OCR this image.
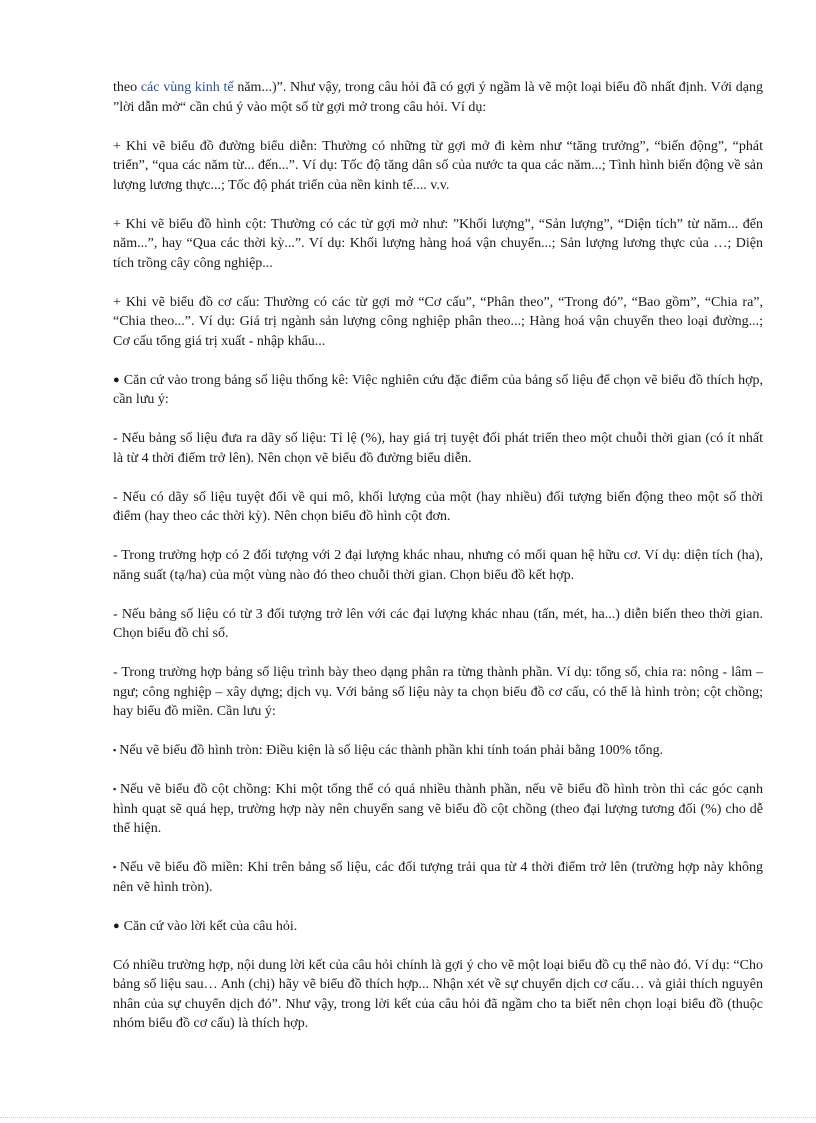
theo các vùng kinh tế năm...)”. Như vậy, trong câu hỏi đã có gợi ý ngầm là vẽ một loại biểu đồ nhất định. Với dạng ”lời dẫn mở“ cần chú ý vào một số từ gợi mở trong câu hỏi. Ví dụ:

+ Khi vẽ biểu đồ đường biểu diễn: Thường có những từ gợi mở đi kèm như “tăng trưởng”, “biến động”, “phát triển”, “qua các năm từ... đến...”. Ví dụ: Tốc độ tăng dân số của nước ta qua các năm...; Tình hình biến động về sản lượng lương thực...; Tốc độ phát triển của nền kinh tế.... v.v.

+ Khi vẽ biểu đồ hình cột: Thường có các từ gợi mở như: ”Khối lượng”, “Sản lượng”, “Diện tích” từ năm... đến năm...”, hay “Qua các thời kỳ...”. Ví dụ: Khối lượng hàng hoá vận chuyển...; Sản lượng lương thực của …; Diện tích trồng cây công nghiệp...

+ Khi vẽ biểu đồ cơ cấu: Thường có các từ gợi mở “Cơ cấu”, “Phân theo”, “Trong đó”, “Bao gồm”, “Chia ra”, “Chia theo...”. Ví dụ: Giá trị ngành sản lượng công nghiệp phân theo...; Hàng hoá vận chuyển theo loại đường...; Cơ cấu tổng giá trị xuất - nhập khẩu...

● Căn cứ vào trong bảng số liệu thống kê: Việc nghiên cứu đặc điểm của bảng số liệu để chọn vẽ biểu đồ thích hợp, cần lưu ý:

- Nếu bảng số liệu đưa ra dãy số liệu: Tỉ lệ (%), hay giá trị tuyệt đối phát triển theo một chuỗi thời gian (có ít nhất là từ 4 thời điểm trở lên). Nên chọn vẽ biểu đồ đường biểu diễn.

- Nếu có dãy số liệu tuyệt đối về qui mô, khối lượng của một (hay nhiều) đối tượng biến động theo một số thời điểm (hay theo các thời kỳ). Nên chọn biểu đồ hình cột đơn.

- Trong trường hợp có 2 đối tượng với 2 đại lượng khác nhau, nhưng có mối quan hệ hữu cơ. Ví dụ: diện tích (ha), năng suất (tạ/ha) của một vùng nào đó theo chuỗi thời gian. Chọn biểu đồ kết hợp.

- Nếu bảng số liệu có từ 3 đối tượng trở lên với các đại lượng khác nhau (tấn, mét, ha...) diễn biến theo thời gian. Chọn biểu đồ chỉ số.

- Trong trường hợp bảng số liệu trình bày theo dạng phân ra từng thành phần. Ví dụ: tổng số, chia ra: nông - lâm – ngư; công nghiệp – xây dựng; dịch vụ. Với bảng số liệu này ta chọn biểu đồ cơ cấu, có thể là hình tròn; cột chồng; hay biểu đồ miền. Cần lưu ý:

▪ Nếu vẽ biểu đồ hình tròn: Điều kiện là số liệu các thành phần khi tính toán phải bằng 100% tổng.

▪ Nếu vẽ biểu đồ cột chồng: Khi một tổng thể có quá nhiều thành phần, nếu vẽ biểu đồ hình tròn thì các góc cạnh hình quạt sẽ quá hẹp, trường hợp này nên chuyển sang vẽ biểu đồ cột chồng (theo đại lượng tương đối (%) cho dễ thể hiện.

▪ Nếu vẽ biểu đồ miền: Khi trên bảng số liệu, các đối tượng trải qua từ 4 thời điểm trở lên (trường hợp này không nên vẽ hình tròn).

● Căn cứ vào lời kết của câu hỏi.

Có nhiều trường hợp, nội dung lời kết của câu hỏi chính là gợi ý cho vẽ một loại biểu đồ cụ thể nào đó. Ví dụ: “Cho bảng số liệu sau… Anh (chị) hãy vẽ biểu đồ thích hợp... Nhận xét về sự chuyển dịch cơ cấu… và giải thích nguyên nhân của sự chuyển dịch đó”. Như vậy, trong lời kết của câu hỏi đã ngầm cho ta biết nên chọn loại biểu đồ (thuộc nhóm biểu đồ cơ cấu) là thích hợp.
